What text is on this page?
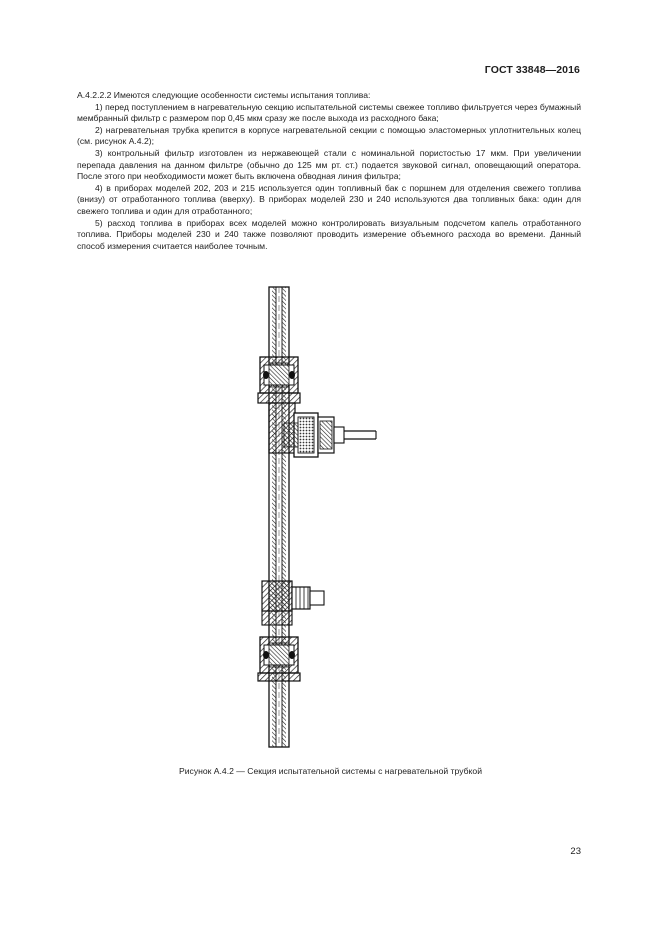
ГОСТ 33848—2016

А.4.2.2.2 Имеются следующие особенности системы испытания топлива:

1) перед поступлением в нагревательную секцию испытательной системы свежее топливо фильтруется через бумажный мембранный фильтр с размером пор 0,45 мкм сразу же после выхода из расходного бака;

2) нагревательная трубка крепится в корпусе нагревательной секции с помощью эластомерных уплотнительных колец (см. рисунок А.4.2);

3) контрольный фильтр изготовлен из нержавеющей стали с номинальной пористостью 17 мкм. При увеличении перепада давления на данном фильтре (обычно до 125 мм рт. ст.) подается звуковой сигнал, оповещающий оператора. После этого при необходимости может быть включена обводная линия фильтра;

4) в приборах моделей 202, 203 и 215 используется один топливный бак с поршнем для отделения свежего топлива (внизу) от отработанного топлива (вверху). В приборах моделей 230 и 240 используются два топливных бака: один для свежего топлива и один для отработанного;

5) расход топлива в приборах всех моделей можно контролировать визуальным подсчетом капель отработанного топлива. Приборы моделей 230 и 240 также позволяют проводить измерение объемного расхода во времени. Данный способ измерения считается наиболее точным.

Рисунок А.4.2 — Секция испытательной системы с нагревательной трубкой
23
